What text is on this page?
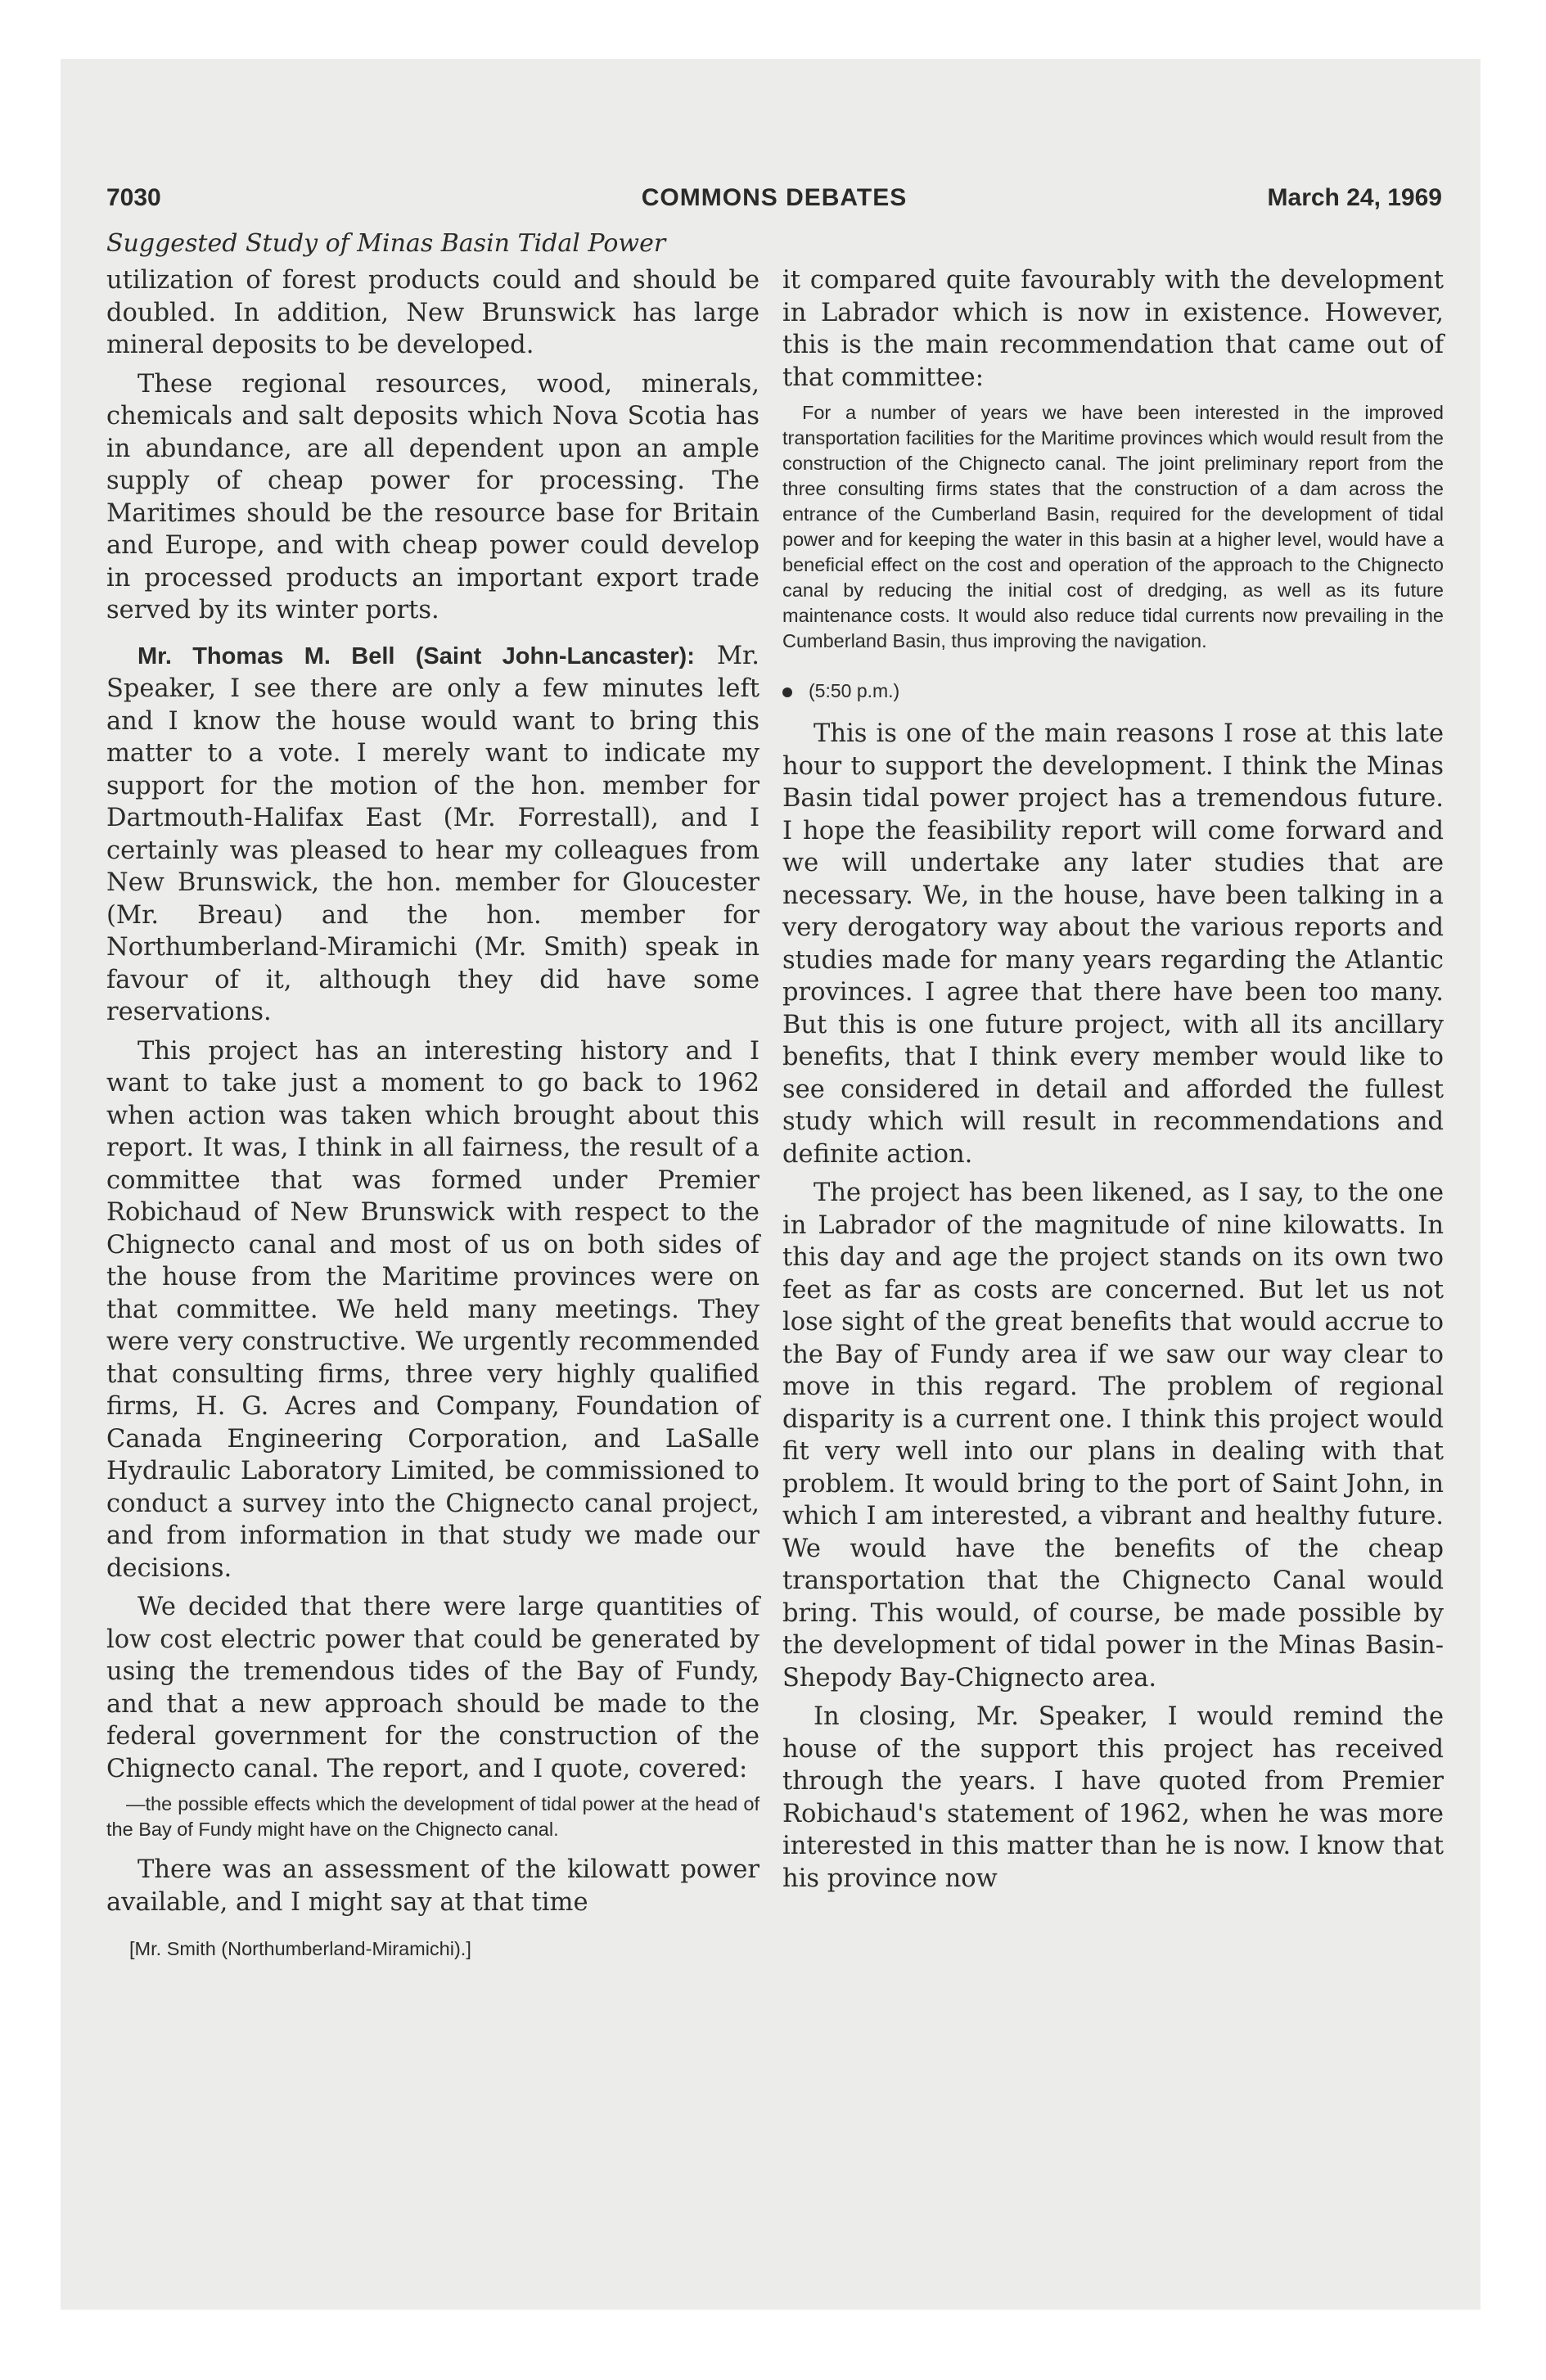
7030	COMMONS DEBATES	March 24, 1969
Suggested Study of Minas Basin Tidal Power

utilization of forest products could and should be doubled. In addition, New Brunswick has large mineral deposits to be developed.

These regional resources, wood, minerals, chemicals and salt deposits which Nova Scotia has in abundance, are all dependent upon an ample supply of cheap power for processing. The Maritimes should be the resource base for Britain and Europe, and with cheap power could develop in processed products an important export trade served by its winter ports.

Mr. Thomas M. Bell (Saint John-Lancaster): Mr. Speaker, I see there are only a few minutes left and I know the house would want to bring this matter to a vote. I merely want to indicate my support for the motion of the hon. member for Dartmouth-Halifax East (Mr. Forrestall), and I certainly was pleased to hear my colleagues from New Brunswick, the hon. member for Gloucester (Mr. Breau) and the hon. member for Northumberland-Miramichi (Mr. Smith) speak in favour of it, although they did have some reservations.

This project has an interesting history and I want to take just a moment to go back to 1962 when action was taken which brought about this report. It was, I think in all fairness, the result of a committee that was formed under Premier Robichaud of New Brunswick with respect to the Chignecto canal and most of us on both sides of the house from the Maritime provinces were on that committee. We held many meetings. They were very constructive. We urgently recommended that consulting firms, three very highly qualified firms, H. G. Acres and Company, Foundation of Canada Engineering Corporation, and LaSalle Hydraulic Laboratory Limited, be commissioned to conduct a survey into the Chignecto canal project, and from information in that study we made our decisions.

We decided that there were large quantities of low cost electric power that could be generated by using the tremendous tides of the Bay of Fundy, and that a new approach should be made to the federal government for the construction of the Chignecto canal. The report, and I quote, covered:

—the possible effects which the development of tidal power at the head of the Bay of Fundy might have on the Chignecto canal.

There was an assessment of the kilowatt power available, and I might say at that time

[Mr. Smith (Northumberland-Miramichi).]

it compared quite favourably with the development in Labrador which is now in existence. However, this is the main recommendation that came out of that committee:

For a number of years we have been interested in the improved transportation facilities for the Maritime provinces which would result from the construction of the Chignecto canal. The joint preliminary report from the three consulting firms states that the construction of a dam across the entrance of the Cumberland Basin, required for the development of tidal power and for keeping the water in this basin at a higher level, would have a beneficial effect on the cost and operation of the approach to the Chignecto canal by reducing the initial cost of dredging, as well as its future maintenance costs. It would also reduce tidal currents now prevailing in the Cumberland Basin, thus improving the navigation.
(5:50 p.m.)

This is one of the main reasons I rose at this late hour to support the development. I think the Minas Basin tidal power project has a tremendous future. I hope the feasibility report will come forward and we will undertake any later studies that are necessary. We, in the house, have been talking in a very derogatory way about the various reports and studies made for many years regarding the Atlantic provinces. I agree that there have been too many. But this is one future project, with all its ancillary benefits, that I think every member would like to see considered in detail and afforded the fullest study which will result in recommendations and definite action.

The project has been likened, as I say, to the one in Labrador of the magnitude of nine kilowatts. In this day and age the project stands on its own two feet as far as costs are concerned. But let us not lose sight of the great benefits that would accrue to the Bay of Fundy area if we saw our way clear to move in this regard. The problem of regional disparity is a current one. I think this project would fit very well into our plans in dealing with that problem. It would bring to the port of Saint John, in which I am interested, a vibrant and healthy future. We would have the benefits of the cheap transportation that the Chignecto Canal would bring. This would, of course, be made possible by the development of tidal power in the Minas Basin-Shepody Bay-Chignecto area.

In closing, Mr. Speaker, I would remind the house of the support this project has received through the years. I have quoted from Premier Robichaud's statement of 1962, when he was more interested in this matter than he is now. I know that his province now
